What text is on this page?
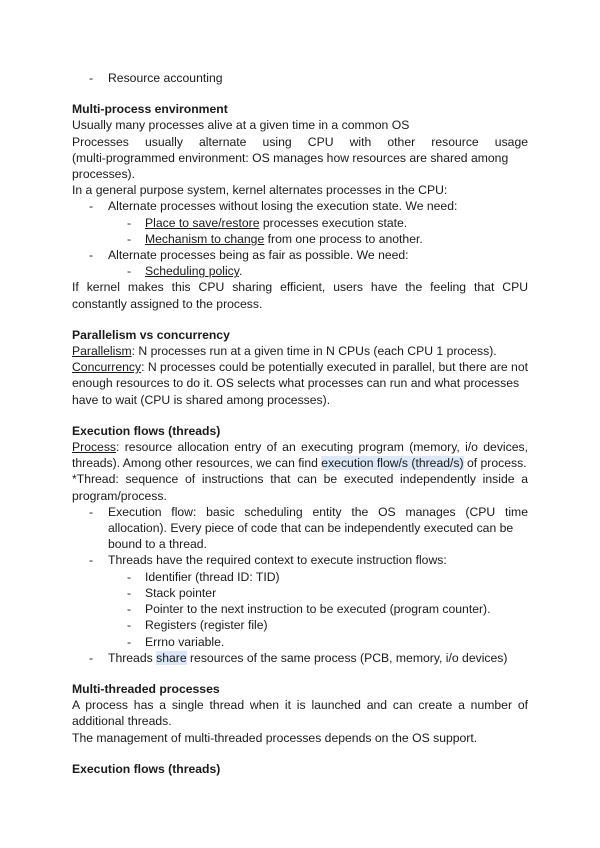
- Resource accounting
Multi-process environment
Usually many processes alive at a given time in a common OS
Processes usually alternate using CPU with other resource usage
(multi-programmed environment: OS manages how resources are shared among
processes).
In a general purpose system, kernel alternates processes in the CPU:
- Alternate processes without losing the execution state. We need:
- Place to save/restore processes execution state.
- Mechanism to change from one process to another.
- Alternate processes being as fair as possible. We need:
- Scheduling policy.
If kernel makes this CPU sharing efficient, users have the feeling that CPU
constantly assigned to the process.
Parallelism vs concurrency
Parallelism: N processes run at a given time in N CPUs (each CPU 1 process).
Concurrency: N processes could be potentially executed in parallel, but there are not
enough resources to do it. OS selects what processes can run and what processes
have to wait (CPU is shared among processes).
Execution flows (threads)
Process: resource allocation entry of an executing program (memory, i/o devices,
threads). Among other resources, we can find execution flow/s (thread/s) of process.
*Thread: sequence of instructions that can be executed independently inside a
program/process.
- Execution flow: basic scheduling entity the OS manages (CPU time
allocation). Every piece of code that can be independently executed can be
bound to a thread.
- Threads have the required context to execute instruction flows:
- Identifier (thread ID: TID)
- Stack pointer
- Pointer to the next instruction to be executed (program counter).
- Registers (register file)
- Errno variable.
- Threads share resources of the same process (PCB, memory, i/o devices)
Multi-threaded processes
A process has a single thread when it is launched and can create a number of
additional threads.
The management of multi-threaded processes depends on the OS support.
Execution flows (threads)
